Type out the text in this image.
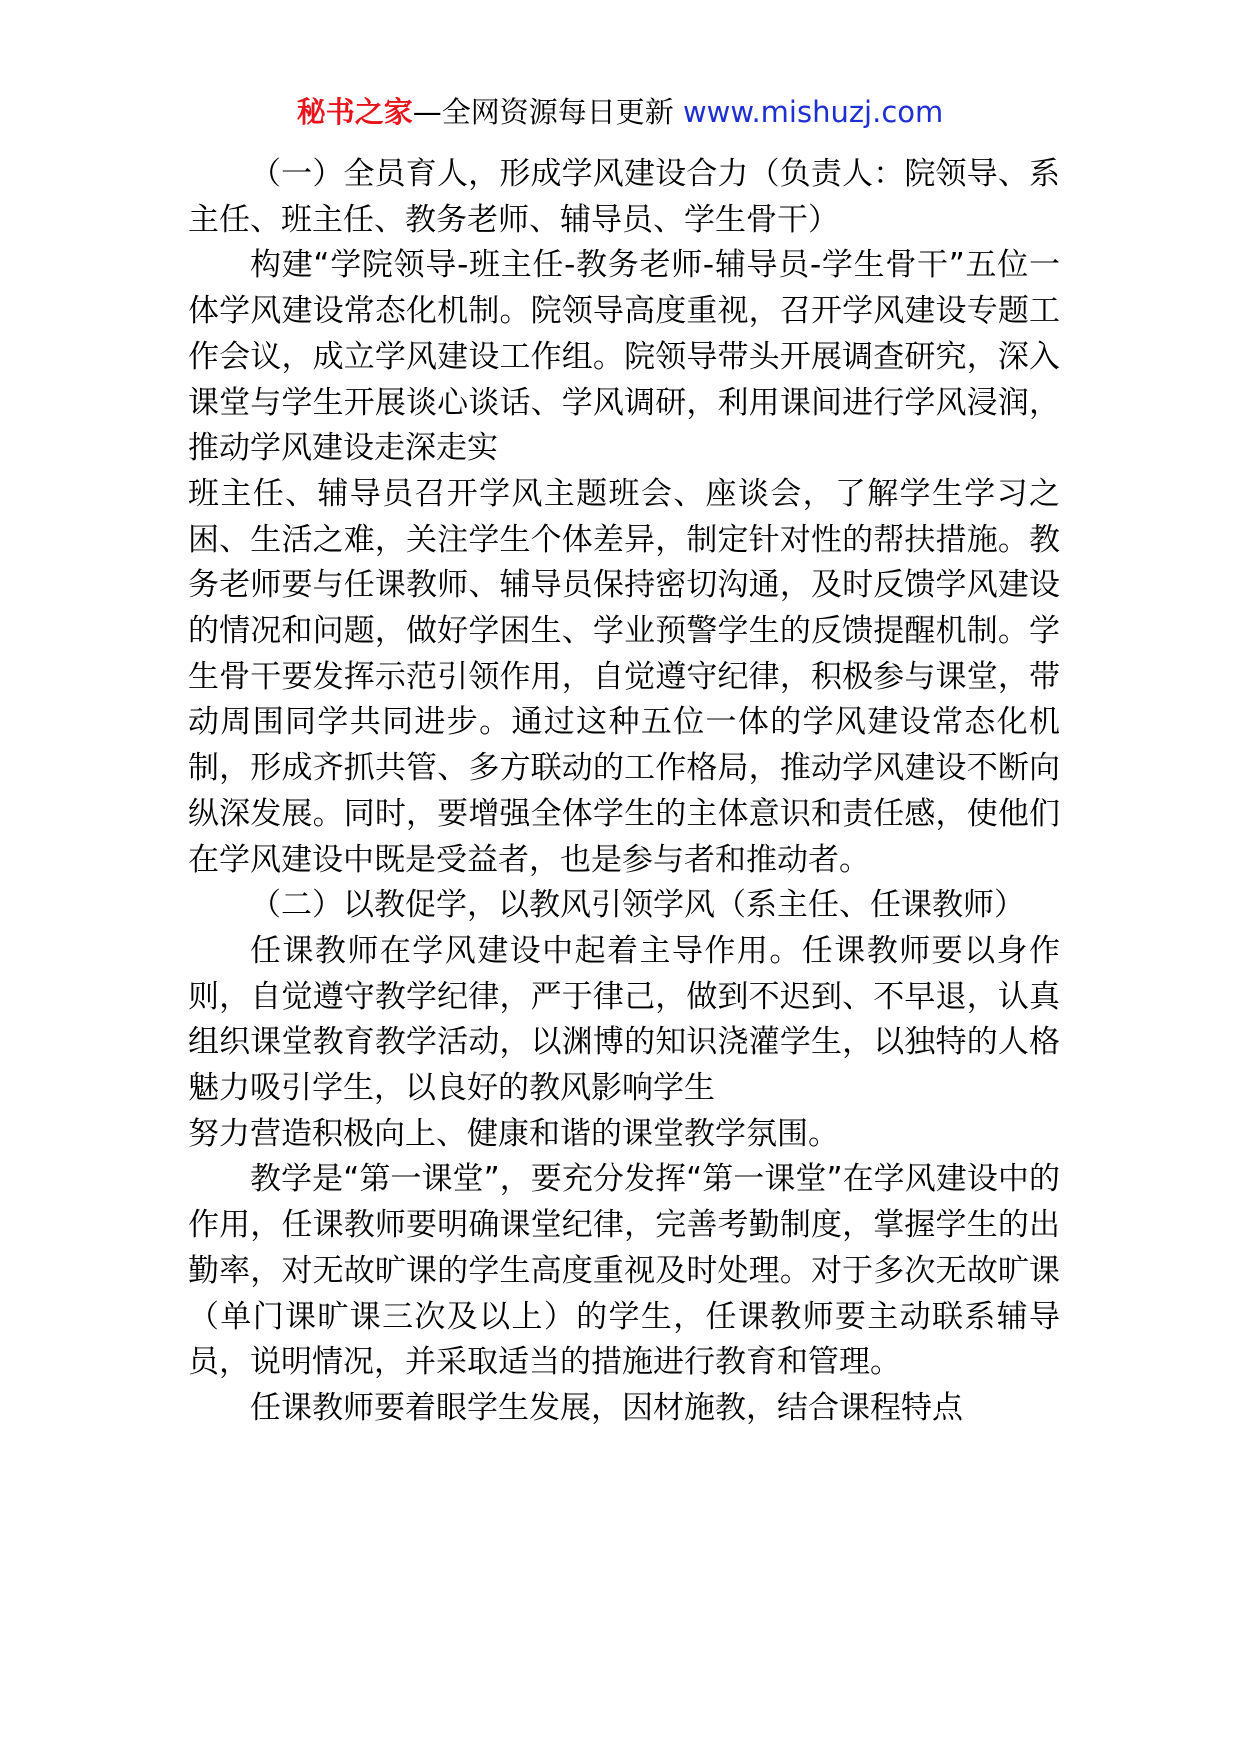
秘书之家—全网资源每日更新 www.mishuzj.com

（一）全员育人，形成学风建设合力（负责人：院领导、系主任、班主任、教务老师、辅导员、学生骨干）

构建“学院领导-班主任-教务老师-辅导员-学生骨干”五位一体学风建设常态化机制。院领导高度重视，召开学风建设专题工作会议，成立学风建设工作组。院领导带头开展调查研究，深入课堂与学生开展谈心谈话、学风调研，利用课间进行学风浸润，推动学风建设走深走实

班主任、辅导员召开学风主题班会、座谈会，了解学生学习之困、生活之难，关注学生个体差异，制定针对性的帮扶措施。教务老师要与任课教师、辅导员保持密切沟通，及时反馈学风建设的情况和问题，做好学困生、学业预警学生的反馈提醒机制。学生骨干要发挥示范引领作用，自觉遵守纪律，积极参与课堂，带动周围同学共同进步。通过这种五位一体的学风建设常态化机制，形成齐抓共管、多方联动的工作格局，推动学风建设不断向纵深发展。同时，要增强全体学生的主体意识和责任感，使他们在学风建设中既是受益者，也是参与者和推动者。

（二）以教促学，以教风引领学风（系主任、任课教师）

任课教师在学风建设中起着主导作用。任课教师要以身作则，自觉遵守教学纪律，严于律己，做到不迟到、不早退，认真组织课堂教育教学活动，以渊博的知识浇灌学生，以独特的人格魅力吸引学生，以良好的教风影响学生

努力营造积极向上、健康和谐的课堂教学氛围。

教学是“第一课堂”，要充分发挥“第一课堂”在学风建设中的作用，任课教师要明确课堂纪律，完善考勤制度，掌握学生的出勤率，对无故旷课的学生高度重视及时处理。对于多次无故旷课（单门课旷课三次及以上）的学生，任课教师要主动联系辅导员，说明情况，并采取适当的措施进行教育和管理。

任课教师要着眼学生发展，因材施教，结合课程特点
